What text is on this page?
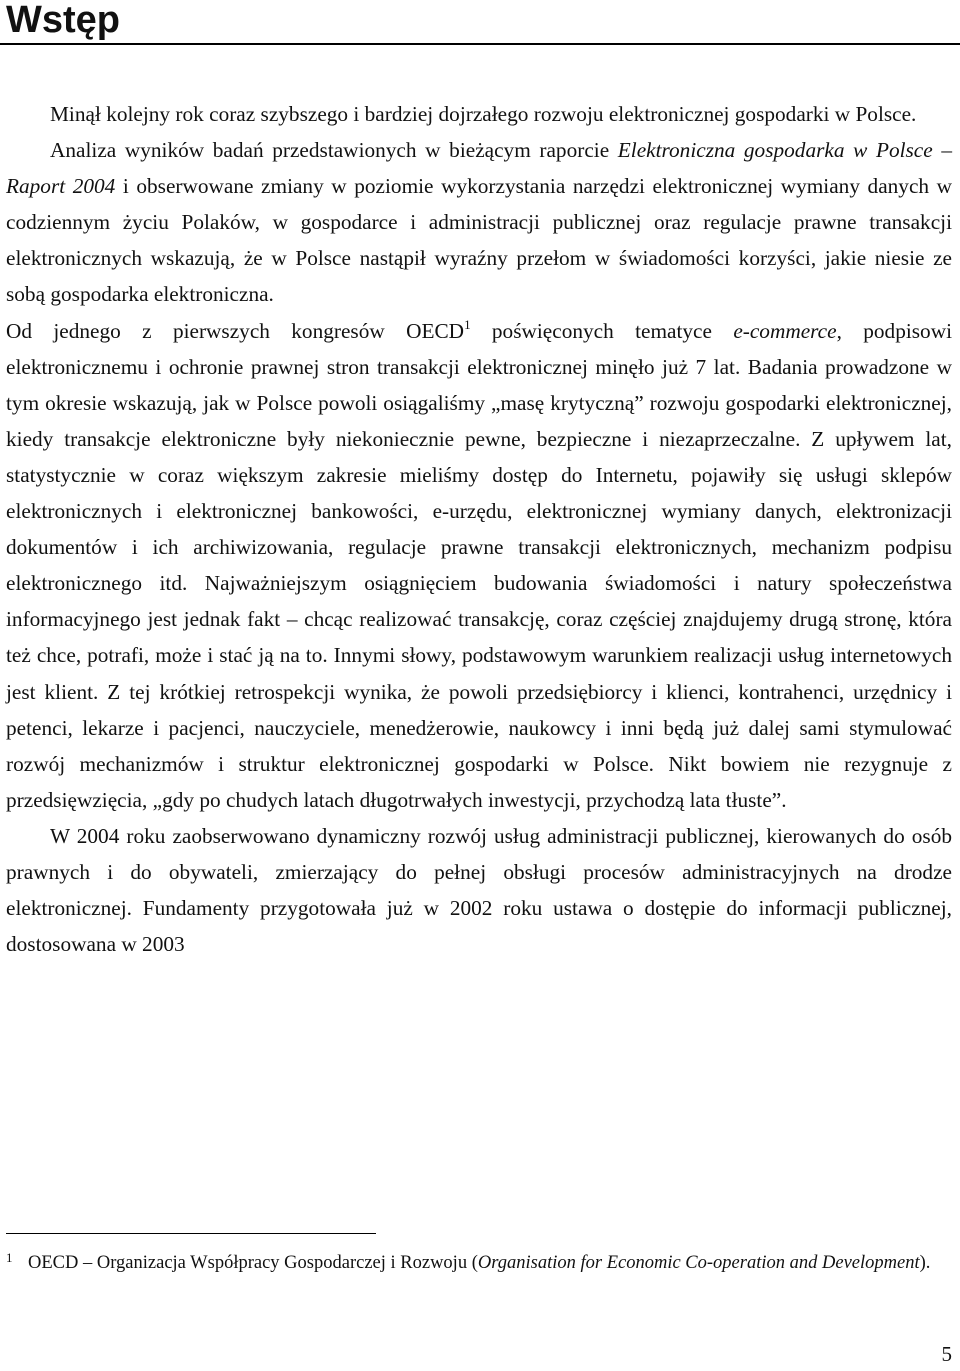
Wstęp

Minął kolejny rok coraz szybszego i bardziej dojrzałego rozwoju elektronicznej gospodarki w Polsce.

Analiza wyników badań przedstawionych w bieżącym raporcie Elektroniczna gospodarka w Polsce – Raport 2004 i obserwowane zmiany w poziomie wykorzystania narzędzi elektronicznej wymiany danych w codziennym życiu Polaków, w gospodarce i administracji publicznej oraz regulacje prawne transakcji elektronicznych wskazują, że w Polsce nastąpił wyraźny przełom w świadomości korzyści, jakie niesie ze sobą gospodarka elektroniczna.

Od jednego z pierwszych kongresów OECD$^1$ poświęconych tematyce e-commerce, podpisowi elektronicznemu i ochronie prawnej stron transakcji elektronicznej minęło już 7 lat. Badania prowadzone w tym okresie wskazują, jak w Polsce powoli osiągaliśmy „masę krytyczną” rozwoju gospodarki elektronicznej, kiedy transakcje elektroniczne były niekoniecznie pewne, bezpieczne i niezaprzeczalne. Z upływem lat, statystycznie w coraz większym zakresie mieliśmy dostęp do Internetu, pojawiły się usługi sklepów elektronicznych i elektronicznej bankowości, e-urzędu, elektronicznej wymiany danych, elektronizacji dokumentów i ich archiwizowania, regulacje prawne transakcji elektronicznych, mechanizm podpisu elektronicznego itd. Najważniejszym osiągnięciem budowania świadomości i natury społeczeństwa informacyjnego jest jednak fakt – chcąc realizować transakcję, coraz częściej znajdujemy drugą stronę, która też chce, potrafi, może i stać ją na to. Innymi słowy, podstawowym warunkiem realizacji usług internetowych jest klient. Z tej krótkiej retrospekcji wynika, że powoli przedsiębiorcy i klienci, kontrahenci, urzędnicy i petenci, lekarze i pacjenci, nauczyciele, menedżerowie, naukowcy i inni będą już dalej sami stymulować rozwój mechanizmów i struktur elektronicznej gospodarki w Polsce. Nikt bowiem nie rezygnuje z przedsięwzięcia, „gdy po chudych latach długotrwałych inwestycji, przychodzą lata tłuste”.

W 2004 roku zaobserwowano dynamiczny rozwój usług administracji publicznej, kierowanych do osób prawnych i do obywateli, zmierzający do pełnej obsługi procesów administracyjnych na drodze elektronicznej. Fundamenty przygotowała już w 2002 roku ustawa o dostępie do informacji publicznej, dostosowana w 2003

1 OECD – Organizacja Współpracy Gospodarczej i Rozwoju (Organisation for Economic Co-operation and Development).
5
